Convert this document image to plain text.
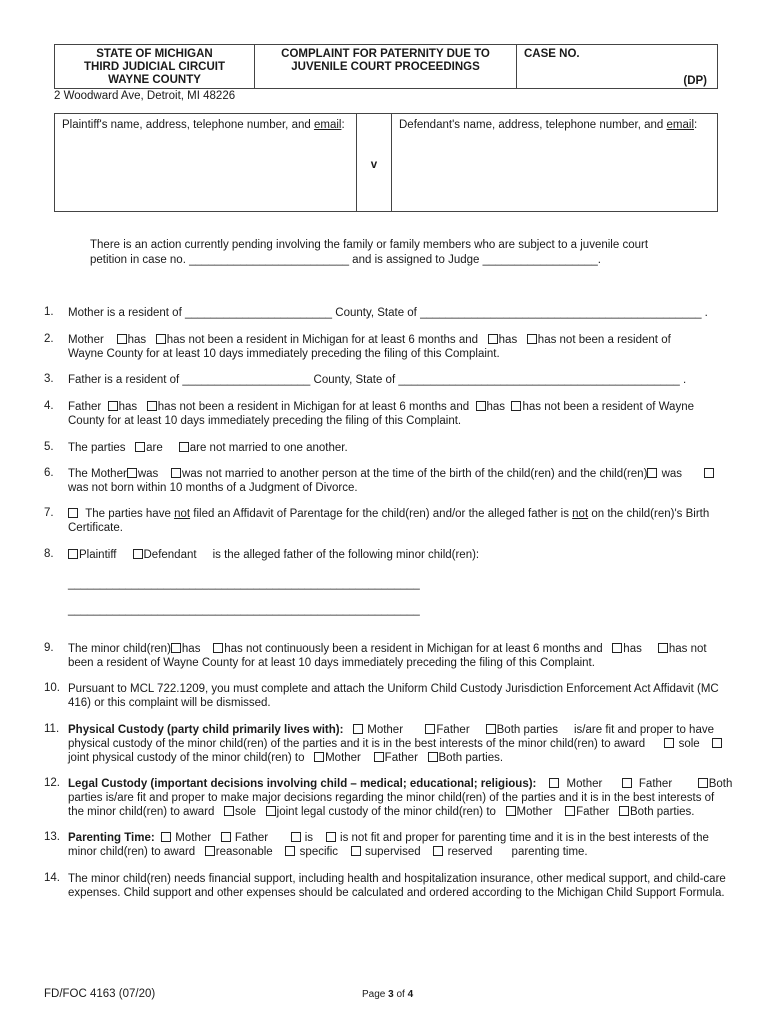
STATE OF MICHIGAN
THIRD JUDICIAL CIRCUIT
WAYNE COUNTY
COMPLAINT FOR PATERNITY DUE TO
JUVENILE COURT PROCEEDINGS
CASE NO.
(DP)
2 Woodward Ave, Detroit, MI 48226
Plaintiff's name, address, telephone number, and email:
v
Defendant's name, address, telephone number, and email:
There is an action currently pending involving the family or family members who are subject to a juvenile court
petition in case no. _________________________ and is assigned to Judge __________________.
1. Mother is a resident of _______________________ County, State of ____________________________________________ .
2. Mother has has not been a resident in Michigan for at least 6 months and has has not been a resident of
Wayne County for at least 10 days immediately preceding the filing of this Complaint.
3. Father is a resident of ____________________ County, State of ____________________________________________ .
4. Father has has not been a resident in Michigan for at least 6 months and has has not been a resident of Wayne
County for at least 10 days immediately preceding the filing of this Complaint.
5. The parties are are not married to one another.
6. The Mother was was not married to another person at the time of the birth of the child(ren) and the child(ren) was
was not born within 10 months of a Judgment of Divorce.
7.	The parties have not filed an Affidavit of Parentage for the child(ren) and/or the alleged father is not on the child(ren)'s Birth
Certificate.
8.	Plaintiff Defendant is the alleged father of the following minor child(ren):
_______________________________________________________
_______________________________________________________
9. The minor child(ren) has has not continuously been a resident in Michigan for at least 6 months and has has not
been a resident of Wayne County for at least 10 days immediately preceding the filing of this Complaint.
10. Pursuant to MCL 722.1209, you must complete and attach the Uniform Child Custody Jurisdiction Enforcement Act Affidavit (MC
416) or this complaint will be dismissed.
11. Physical Custody (party child primarily lives with): Mother	Father Both parties is/are fit and proper to have
physical custody of the minor child(ren) of the parties and it is in the best interests of the minor child(ren) to award	sole
joint physical custody of the minor child(ren) to Mother Father Both parties.
12. Legal Custody (important decisions involving child – medical; educational; religious):	Mother	Father	Both
parties is/are fit and proper to make major decisions regarding the minor child(ren) of the parties and it is in the best interests of
the minor child(ren) to award sole joint legal custody of the minor child(ren) to Mother Father Both parties.
13. Parenting Time: Mother Father	is is not fit and proper for parenting time and it is in the best interests of the
minor child(ren) to award reasonable specific supervised reserved parenting time.
14. The minor child(ren) needs financial support, including health and hospitalization insurance, other medical support, and child-care
expenses. Child support and other expenses should be calculated and ordered according to the Michigan Child Support Formula.
FD/FOC 4163 (07/20)	Page 3 of 4
